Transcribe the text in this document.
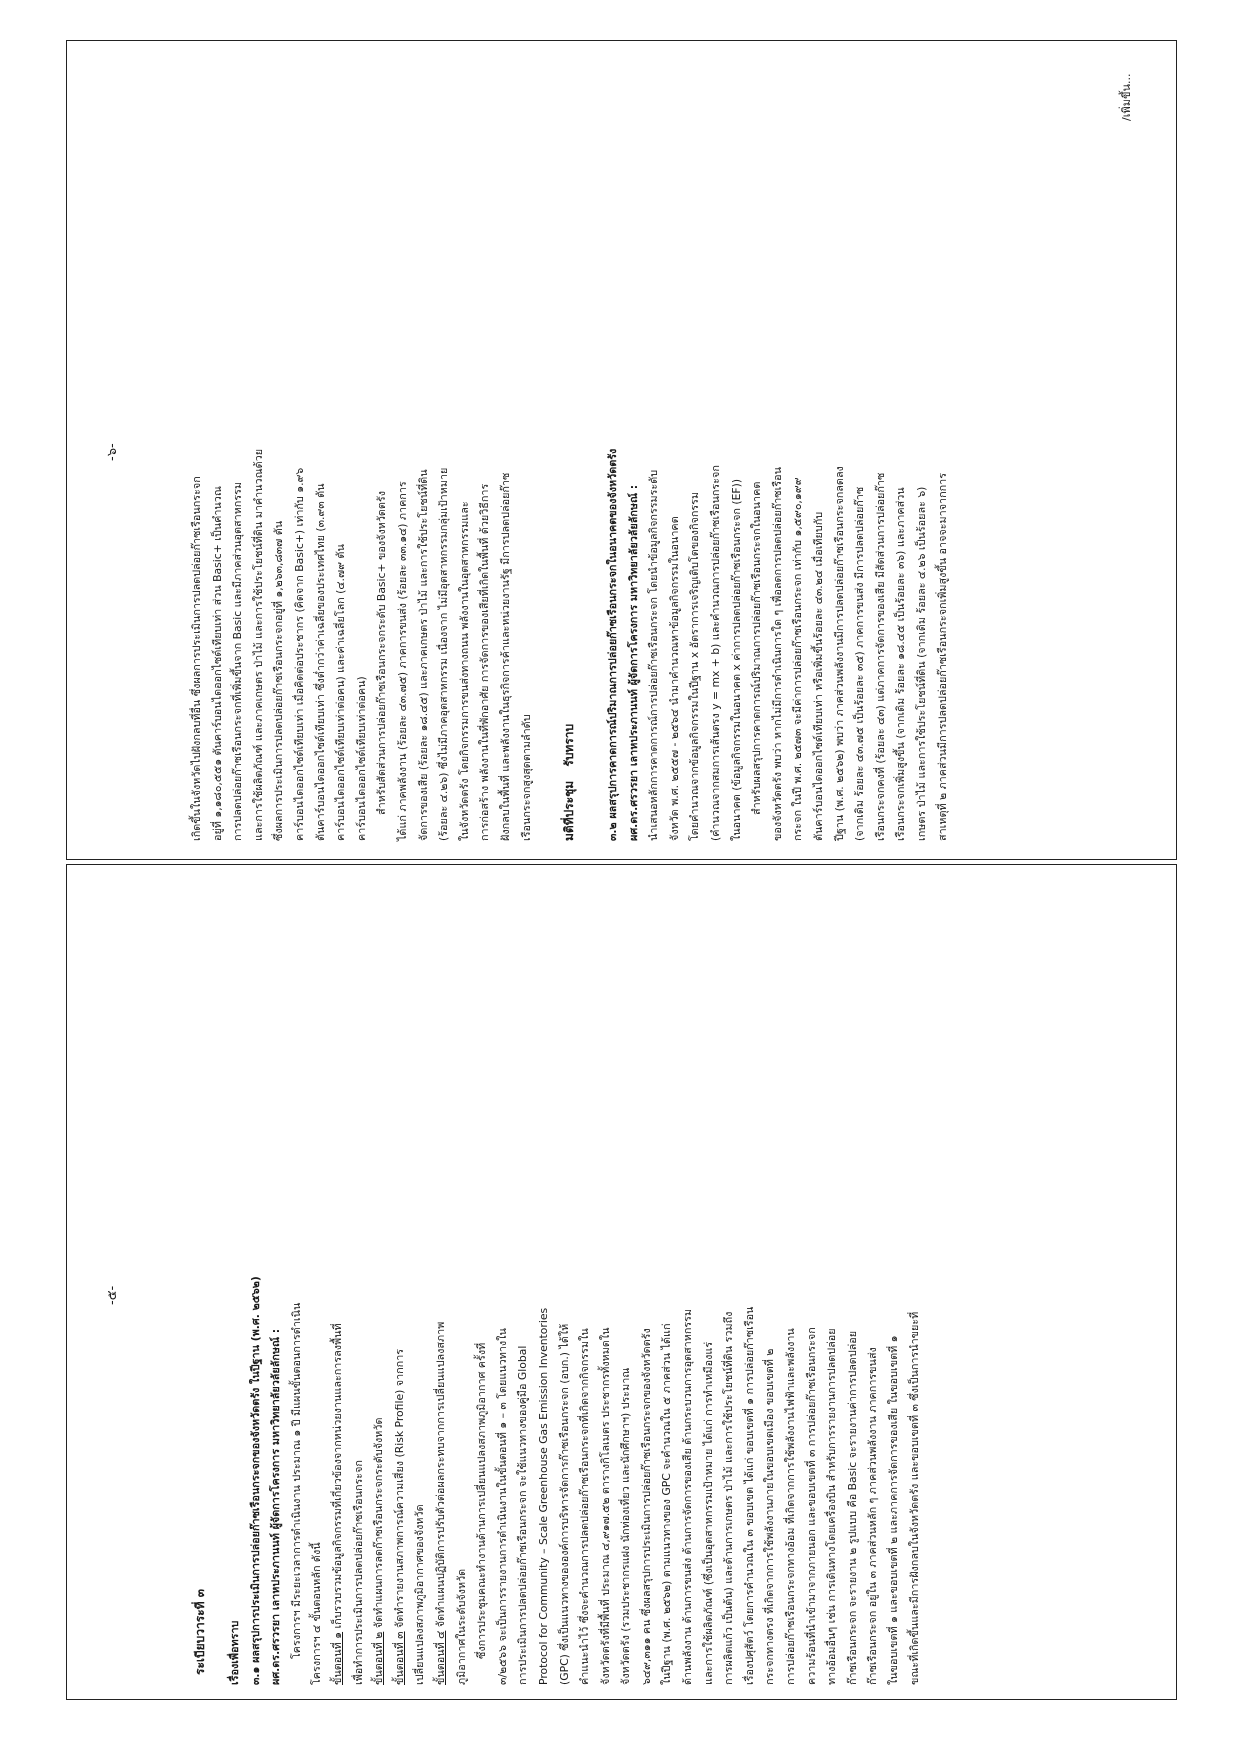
-๕-
ระเบียบวาระที่ ๓ เรื่องเพื่อทราบ ๓.๑ ผลสรุปการประเมินการปล่อยก๊าซเรือนกระจกของจังหวัดตรัง ในปีฐาน (พ.ศ. ๒๕๖๒) ผศ.ดร.ศรวรยา เลาหประภานนท์ ผู้จัดการโครงการ มหาวิทยาลัยวลัยลักษณ์ : โครงการฯ มีระยะเวลาการดำเนินงาน ประมาณ ๑ ปี มีแผนขั้นตอนการดำเนิน โครงการฯ ๔ ขั้นตอนหลัก ดังนี้ ขั้นตอนที่ ๑ เก็บรวบรวมข้อมูลกิจกรรมที่เกี่ยวข้องจากหน่วยงานและการลงพื้นที่ เพื่อทำการประเมินการปลดปล่อยก๊าซเรือนกระจก ขั้นตอนที่ ๒ จัดทำแผนการลดก๊าซเรือนกระจกระดับจังหวัด

ขั้นตอนที่ ๓ จัดทำรายงานสภาพการณ์ความเสี่ยง (Risk Profile) จากการ เปลี่ยนแปลงสภาพภูมิอากาศของจังหวัด ขั้นตอนที่ ๔ จัดทำแผนปฏิบัติการปรับตัวต่อผลกระทบจากการเปลี่ยนแปลงสภาพ ภูมิอากาศในระดับจังหวัด ซึ่งการประชุมคณะทำงานด้านการเปลี่ยนแปลงสภาพภูมิอากาศ ครั้งที่ ๓/๒๕๖๖ จะเป็นการรายงานการดำเนินงานในขั้นตอนที่ ๑ – ๓ โดยแนวทางใน การประเมินการปลดปล่อยก๊าซเรือนกระจก จะใช้แนวทางของคู่มือ Global Protocol for Community – Scale Greenhouse Gas Emission Inventories (GPC) ซึ่งเป็นแนวทางขององค์การบริหารจัดการก๊าซเรือนกระจก (อบก.) ได้ให้ คำแนะนำไว้ ซึ่งจะคำนวณการปลดปล่อยก๊าซเรือนกระจกที่เกิดจากกิจกรรมใน จังหวัดตรังที่มีพื้นที่ ประมาณ ๔,๙๑๗.๕๒ ตารางกิโลเมตร ประชากรทั้งหมดใน จังหวัดตรัง (รวมประชากรแฝง นักท่องเที่ยว และนักศึกษาฯ) ประมาณ ๖๔๙,๓๑๑ คน ซึ่งผลสรุปการประเมินการปล่อยก๊าซเรือนกระจกของจังหวัดตรัง ในปีฐาน (พ.ศ. ๒๕๖๒) ตามแนวทางของ GPC จะคำนวณใน ๕ ภาคส่วน ได้แก่ ด้านพลังงาน ด้านการขนส่ง ด้านการจัดการของเสีย ด้านกระบวนการอุตสาหกรรม และการใช้ผลิตภัณฑ์ (ซึ่งเป็นอุตสาหกรรมเป้าหมาย ได้แก่ การทำเหมืองแร่ การผลิตแก้ว เป็นต้น) และด้านการเกษตร ป่าไม้ และการใช้ประโยชน์ที่ดิน รวมถึง เรื่องปศุสัตว์ โดยการคำนวณใน ๓ ขอบเขต ได้แก่ ขอบเขตที่ ๑ การปล่อยก๊าซเรือน กระจกทางตรง ที่เกิดจากการใช้พลังงานภายในขอบเขตเมือง ขอบเขตที่ ๒ การปล่อยก๊าซเรือนกระจกทางอ้อม ที่เกิดจากการใช้พลังงานไฟฟ้าและพลังงาน ความร้อนที่นำเข้ามาจากภายนอก และขอบเขตที่ ๓ การปล่อยก๊าซเรือนกระจก ทางอ้อมอื่นๆ เช่น การเดินทางโดยเครื่องบิน สำหรับการรายงานการปลดปล่อย ก๊าซเรือนกระจก จะรายงาน ๒ รูปแบบ คือ Basic จะรายงานค่าการปลดปล่อย ก๊าซเรือนกระจก อยู่ใน ๓ ภาคส่วนหลัก ๆ ภาคส่วนพลังงาน ภาคการขนส่ง ในขอบเขตที่ ๑ และขอบเขตที่ ๒ และภาคการจัดการของเสีย ในขอบเขตที่ ๑ ขณะที่เกิดขึ้นและมีการฝังกลบในจังหวัดตรัง และขอบเขตที่ ๓ ซึ่งเป็นการนำขยะที่

-๖-

เกิดขึ้นในจังหวัดไปฝังกลบที่อื่น ซึ่งผลการประเมินการปลดปล่อยก๊าซเรือนกระจก อยู่ที่ ๑,๑๘๐,๕๕๑ ตันคาร์บอนไดออกไซด์เทียบเท่า ส่วน Basic+ เป็นคำนวณ การปลดปล่อยก๊าซเรือนกระจกที่เพิ่มขึ้นจาก Basic และมีภาคส่วนอุตสาหกรรม และการใช้ผลิตภัณฑ์ และภาคเกษตร ป่าไม้ และการใช้ประโยชน์ที่ดิน มาคำนวณด้วย ซึ่งผลการประเมินการปลดปล่อยก๊าซเรือนกระจกอยู่ที่ ๑,๒๖๓,๘๓๗ ตัน คาร์บอนไดออกไซด์เทียบเท่า เมื่อคิดต่อประชากร (คิดจาก Basic+) เท่ากับ ๑.๙๖ ตันคาร์บอนไดออกไซด์เทียบเท่า ซึ่งต่ำกว่าค่าเฉลี่ยของประเทศไทย (๓.๙๓ ตัน คาร์บอนไดออกไซด์เทียบเท่าต่อคน) และค่าเฉลี่ยโลก (๔.๗๙ ตัน คาร์บอนไดออกไซด์เทียบเท่าต่อคน) สำหรับสัดส่วนการปล่อยก๊าซเรือนกระจกระดับ Basic+ ของจังหวัดตรัง ได้แก่ ภาคพลังงาน (ร้อยละ ๔๓.๗๕) ภาคการขนส่ง (ร้อยละ ๓๓.๑๔) ภาคการ จัดการของเสีย (ร้อยละ ๑๘.๔๕) และภาคเกษตร ป่าไม้ และการใช้ประโยชน์ที่ดิน (ร้อยละ ๔.๒๖) ซึ่งไม่มีภาคอุตสาหกรรม เนื่องจาก ไม่มีอุตสาหกรรมกลุ่มเป้าหมาย ในจังหวัดตรัง โดยกิจกรรมการขนส่งทางถนน พลังงานในอุตสาหกรรมและ การก่อสร้าง พลังงานในที่พักอาศัย การจัดการของเสียที่เกิดในพื้นที่ ด้วยวิธีการ ฝังกลบในพื้นที่ และพลังงานในธุรกิจการค้าและหน่วยงานรัฐ มีการปลดปล่อยก๊าซ เรือนกระจกสูงสุดตามลำดับ	มติที่ประชุม รับทราบ	๓.๒ ผลสรุปการคาดการณ์ปริมาณการปล่อยก๊าซเรือนกระจกในอนาคตของจังหวัดตรัง ผศ.ดร.ศรวรยา เลาหประภานนท์ ผู้จัดการโครงการ มหาวิทยาลัยวลัยลักษณ์ : นำเสนอหลักการคาดการณ์การปล่อยก๊าซเรือนกระจก โดยนำข้อมูลกิจกรรมระดับ จังหวัด พ.ศ. ๒๕๕๗ - ๒๕๖๔ นำมาคำนวณหาข้อมูลกิจกรรมในอนาคต โดยคำนวณจากข้อมูลกิจกรรมในปีฐาน x อัตราการเจริญเติบโตของกิจกรรม (คำนวณจากสมการเส้นตรง y = mx + b) และคำนวณการปล่อยก๊าซเรือนกระจก ในอนาคต (ข้อมูลกิจกรรมในอนาคต x ค่าการปลดปล่อยก๊าซเรือนกระจก (EF)) สำหรับผลสรุปการคาดการณ์ปริมาณการปล่อยก๊าซเรือนกระจกในอนาคต ของจังหวัดตรัง พบว่า หากไม่มีการดำเนินการใด ๆ เพื่อลดการปลดปล่อยก๊าซเรือน กระจก ในปี พ.ศ. ๒๕๗๓ จะมีค่าการปล่อยก๊าซเรือนกระจก เท่ากับ ๑,๕๙๐,๑๙๙ ตันคาร์บอนไดออกไซด์เทียบเท่า หรือเพิ่มขึ้นร้อยละ ๔๓.๒๔ เมื่อเทียบกับ ปีฐาน (พ.ศ. ๒๕๖๒) พบว่า ภาคส่วนพลังงานมีการปลดปล่อยก๊าซเรือนกระจกลดลง (จากเดิม ร้อยละ ๔๓.๗๕ เป็นร้อยละ ๓๕) ภาคการขนส่ง มีการปลดปล่อยก๊าซ เรือนกระจกคงที่ (ร้อยละ ๔๓) แต่ภาคการจัดการของเสีย มีสัดส่วนการปล่อยก๊าซ เรือนกระจกเพิ่มสูงขึ้น (จากเดิม ร้อยละ ๑๘.๔๕ เป็นร้อยละ ๓๖) และภาคส่วน เกษตร ป่าไม้ และการใช้ประโยชน์ที่ดิน (จากเดิม ร้อยละ ๔.๒๖ เป็นร้อยละ ๖) สาเหตุที่ ๒ ภาคส่วนมีการปลดปล่อยก๊าซเรือนกระจกเพิ่มสูงขึ้น อาจจะมาจากการ

/เพิ่มขึ้น...
